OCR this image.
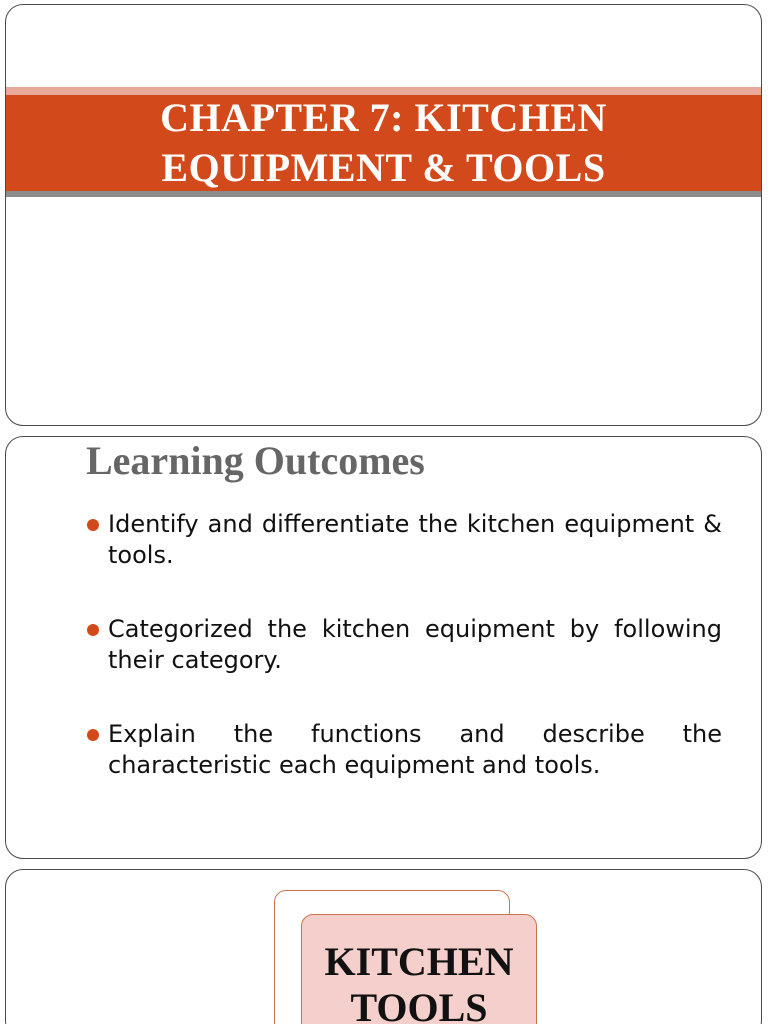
CHAPTER 7: KITCHEN
EQUIPMENT & TOOLS
Learning Outcomes
Identify and differentiate the kitchen equipment & tools.
Categorized the kitchen equipment by following their category.
Explain the functions and describe the characteristic each equipment and tools.
KITCHEN
TOOLS
